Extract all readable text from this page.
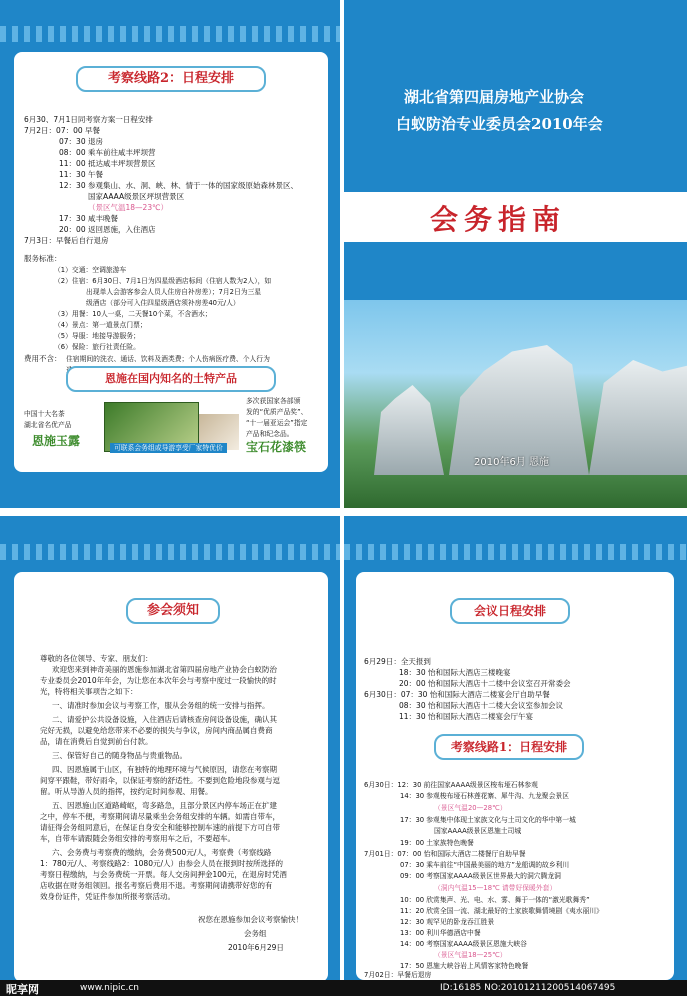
考察线路2：日程安排
6月30、7月1日同考察方案一日程安排
7月2日：07：00 早餐
07：30 退房
08：00 乘车前往咸丰坪坝营
11：00 抵达咸丰坪坝营景区
11：30 午餐
12：30 参观集山、水、洞、峡、林、情于一体的国家级原始森林景区、
国家AAAA级景区坪坝营景区
（景区气温18—23℃）
17：30 咸丰晚餐
20：00 返回恩施，入住酒店
7月3日：早餐后自行退房
服务标准：
（1）交通：空调旅游车
（2）住宿：6月30日、7月1日为四星级酒店标间（住宿人数为2人），如
出现单人会游客参会人员人住房自补房差）；7月2日为三星
级酒店（部分可入住四星级酒店须补房差40元/人）
（3）用餐：10人一桌，二天餐10个菜，不含酒水；
（4）景点：第一道景点门票；
（5）导服：地接导游服务；
（6）保险：旅行社责任险。
费用不含： 住宿期间的洗衣、通话、饮料及酒类费；个人伤病医疗费、个人行为
恩施在国内知名的土特产品
中国十大名茶
湖北省名优产品
多次获国家各部颁
发的“优质产品奖”、
“十一届亚运会”指定
产品和纪念品。
可联系会务组或导游享受厂家特优价
恩施玉露	宝石花漆筷
湖北省第四届房地产业协会
白蚁防治专业委员会2010年会
会务指南
2010年6月 恩施
参会须知
尊敬的各位领导、专家、朋友们：
欢迎您来到神奇美丽的恩施参加湖北省第四届房地产业协会白蚁防治
专业委员会2010年年会，为让您在本次年会与考察中度过一段愉快的时
光，特将相关事项告之如下：
一、请准时参加会议与考察工作，服从会务组的统一安排与指挥。
二、请爱护公共设备设施，入住酒店后请核查房间设备设施，确认其
完好无损，以避免给您带来不必要的损失与争议，房间内商品属自费商
品，请在消费后自觉到前台付款。
三、保管好自己的随身物品与贵重物品。
四、因恩施属于山区，有独特的地理环境与气候原因，请您在考察期
间穿平跟鞋，带好雨伞，以保证考察的舒适性。不要到危险地段参观与逗
留。听从导游人员的指挥，按约定时间参观、用餐。
五、因恩施山区道路崎岖，弯多路急，且部分景区内停车场正在扩建
之中，停车不便，考察期间请尽量乘坐会务组安排的车辆。如需自带车，
请征得会务组同意后，在保证自身安全和能够控制车速的前提下方可自带
车，自带车请跟随会务组安排的考察用车之后，不要超车。
六、会务费与考察费的缴纳，会务费500元/人，考察费（考察线路
1：780元/人、考察线路2：1080元/人）由参会人员在报到时按所选择的
考察日程缴纳，与会务费统一开票。每人交房间押金100元，在退房时凭酒
店收据在财务组领回。报名考察后费用不退。考察期间请携带好您的有
效身份证件，凭证件参加所报考察活动。
祝您在恩施参加会议考察愉快！
会务组
2010年6月29日
会议日程安排
6月29日：全天报到
18：30 怡和国际大酒店三楼晚宴
20：00 怡和国际大酒店十二楼中会议室召开常委会
6月30日：07：30 怡和国际大酒店二楼宴会厅自助早餐
08：30 怡和国际大酒店十二楼大会议室参加会议
11：30 怡和国际大酒店二楼宴会厅午宴
考察线路1：日程安排
6月30日：12：30 前往国家AAAA级景区梭布垭石林参观
14：30 参观梭布垭石林莲花寨、犀牛沟、九龙聚会景区
（景区气温20—28℃）
17：30 参观集中体现土家族文化与土司文化的华中第一城
国家AAAA级景区恩施土司城
19：00 土家族特色晚餐
7月01日：07：00 怡和国际大酒店二楼餐厅自助早餐
07：30 乘车前往“中国最美丽的地方”龙船调的故乡利川
09：00 考察国家AAAA级景区世界最大的洞穴腾龙洞
（洞内气温15—18℃ 请带好保暖外套）
10：00 欣赏集声、光、电、水、雾、舞于一体的“激光歌舞秀”
11：20 欣赏全国一流、湖北最好的土家族歌舞情境剧《夷水丽川》
12：30 观罕见的卧龙吞江胜景
13：00 利川华德酒店中餐
14：00 考察国家AAAA级景区恩施大峡谷
（景区气温18—25℃）
17：50 恩施大峡谷岩上风情客家特色晚餐
7月02日：早餐后退房
昵享网	www.nipic.cn	ID:16185 NO:20101211200514067495
